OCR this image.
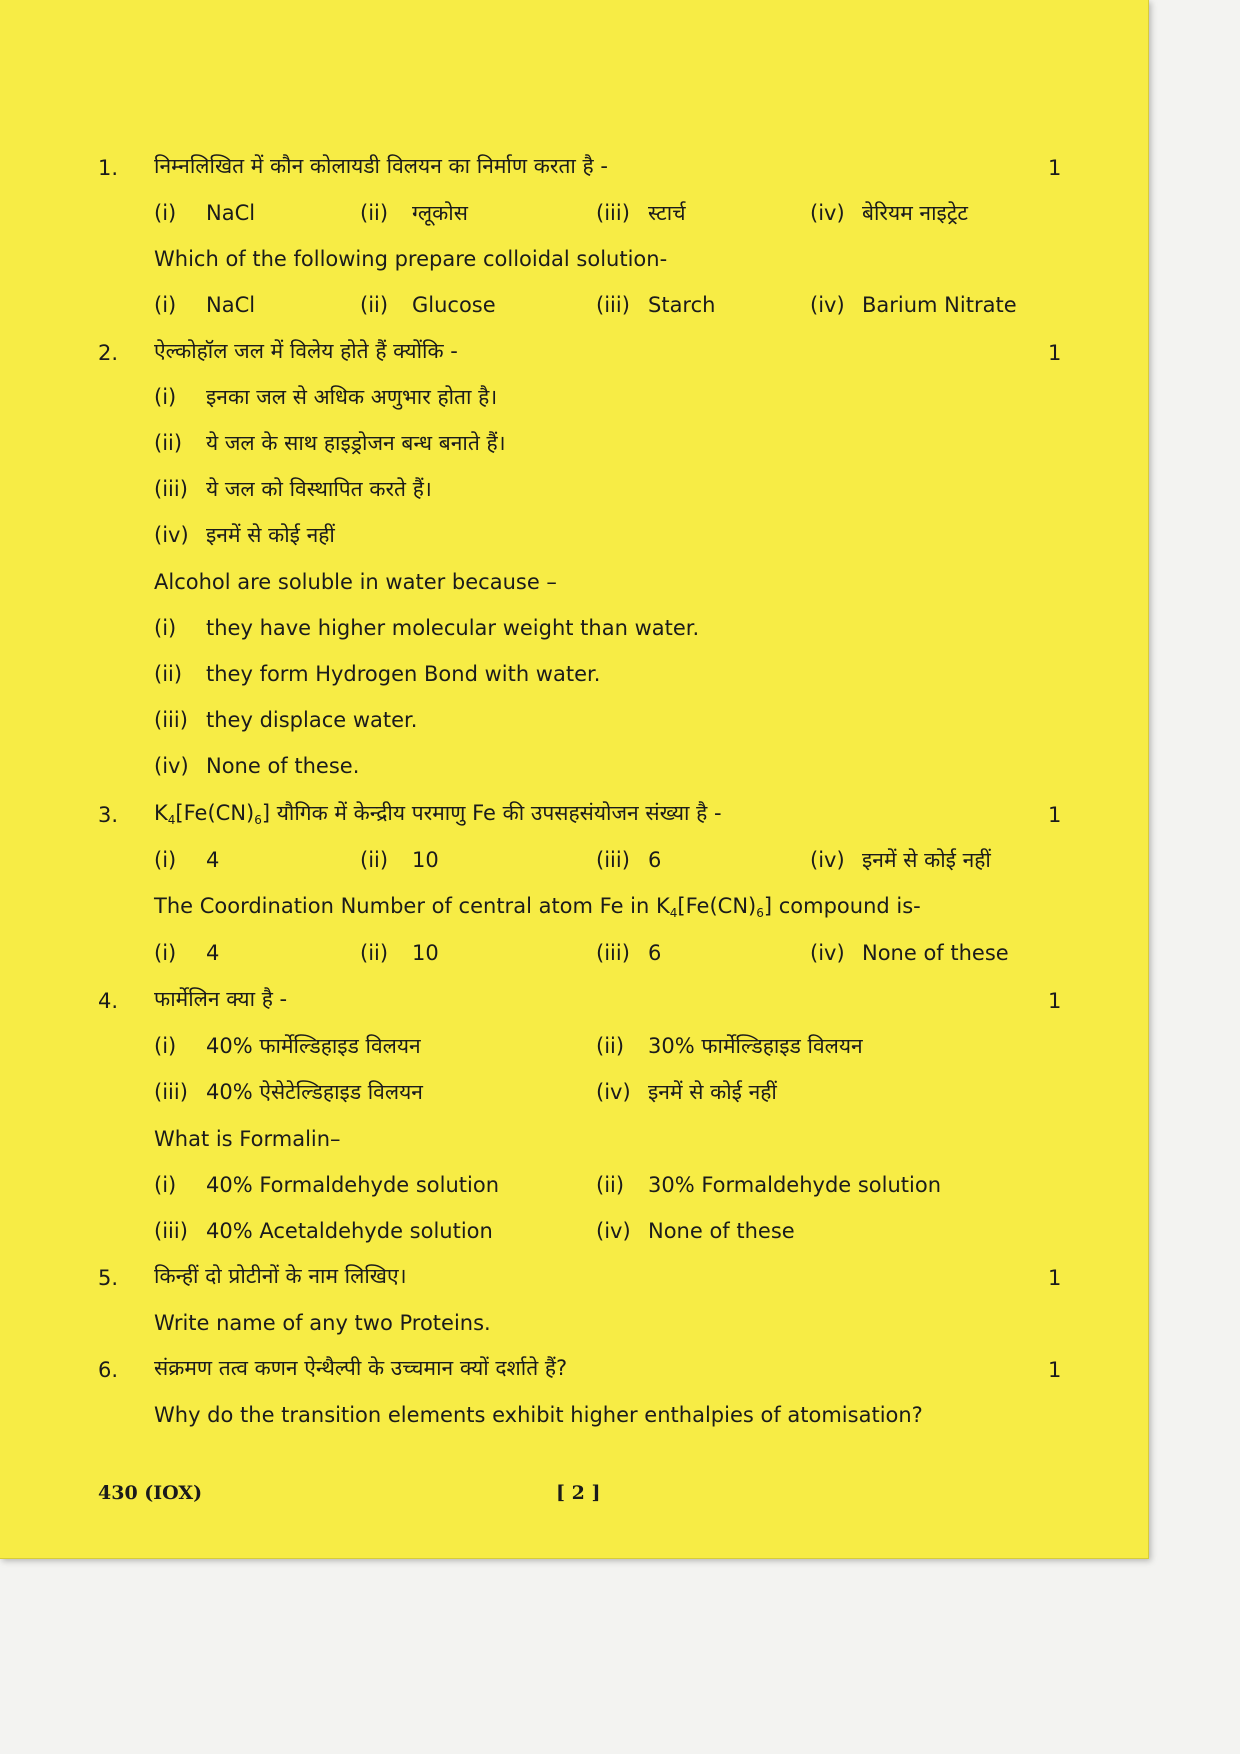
1. निम्नलिखित में कौन कोलायडी विलयन का निर्माण करता है -	1
(i) NaCl	(ii) ग्लूकोस	(iii) स्टार्च	(iv) बेरियम नाइट्रेट
Which of the following prepare colloidal solution-
(i) NaCl	(ii) Glucose	(iii) Starch	(iv) Barium Nitrate
2. ऐल्कोहॉल जल में विलेय होते हैं क्योंकि -	1
(i) इनका जल से अधिक अणुभार होता है।
(ii) ये जल के साथ हाइड्रोजन बन्ध बनाते हैं।
(iii) ये जल को विस्थापित करते हैं।
(iv) इनमें से कोई नहीं
Alcohol are soluble in water because –
(i) they have higher molecular weight than water.
(ii) they form Hydrogen Bond with water.
(iii) they displace water.
(iv) None of these.
3. $K_4[Fe(CN)_6]$ यौगिक में केन्द्रीय परमाणु Fe की उपसहसंयोजन संख्या है -	1
(i) 4	(ii) 10	(iii) 6	(iv) इनमें से कोई नहीं
The Coordination Number of central atom Fe in $K_4[Fe(CN)_6]$ compound is-
(i) 4	(ii) 10	(iii) 6	(iv) None of these
4. फार्मेलिन क्या है -	1
(i) 40% फार्मेल्डिहाइड विलयन	(ii) 30% फार्मेल्डिहाइड विलयन
(iii) 40% ऐसेटेल्डिहाइड विलयन	(iv) इनमें से कोई नहीं
What is Formalin–
(i) 40% Formaldehyde solution	(ii) 30% Formaldehyde solution
(iii) 40% Acetaldehyde solution	(iv) None of these
5. किन्हीं दो प्रोटीनों के नाम लिखिए।	1
Write name of any two Proteins.
6. संक्रमण तत्व कणन ऐन्थैल्पी के उच्चमान क्यों दर्शाते हैं?	1
Why do the transition elements exhibit higher enthalpies of atomisation?
430 (IOX)	[ 2 ]
